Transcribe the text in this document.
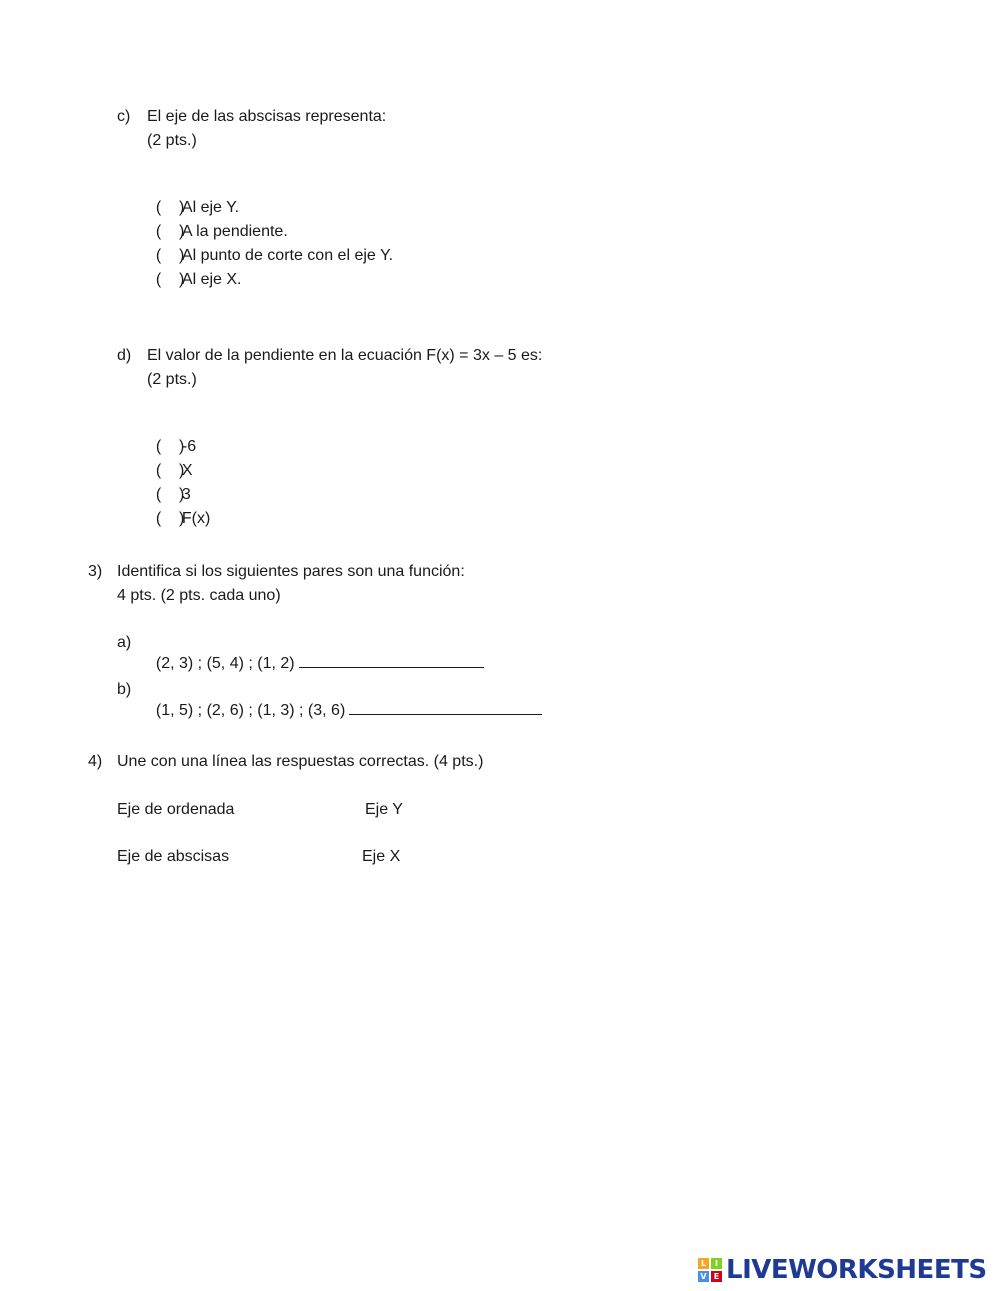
c) El eje de las abscisas representa:
(2 pts.)

(    )Al eje Y.

(    )A la pendiente.

(    )Al punto de corte con el eje Y.

(    )Al eje X.

d) El valor de la pendiente en la ecuación F(x) = 3x – 5 es:
(2 pts.)

(    )-6

(    )X

(    )3

(    )F(x)

3) Identifica si los siguientes pares son una función:
4 pts. (2 pts. cada uno)
a)

(2, 3) ; (5, 4) ; (1, 2)

b)

(1, 5) ; (2, 6) ; (1, 3) ; (3, 6)

4) Une con una línea las respuestas correctas. (4 pts.)
Eje de ordenada	Eje Y
Eje de abscisas	Eje X
L	I
V E LIVEWORKSHEETS
